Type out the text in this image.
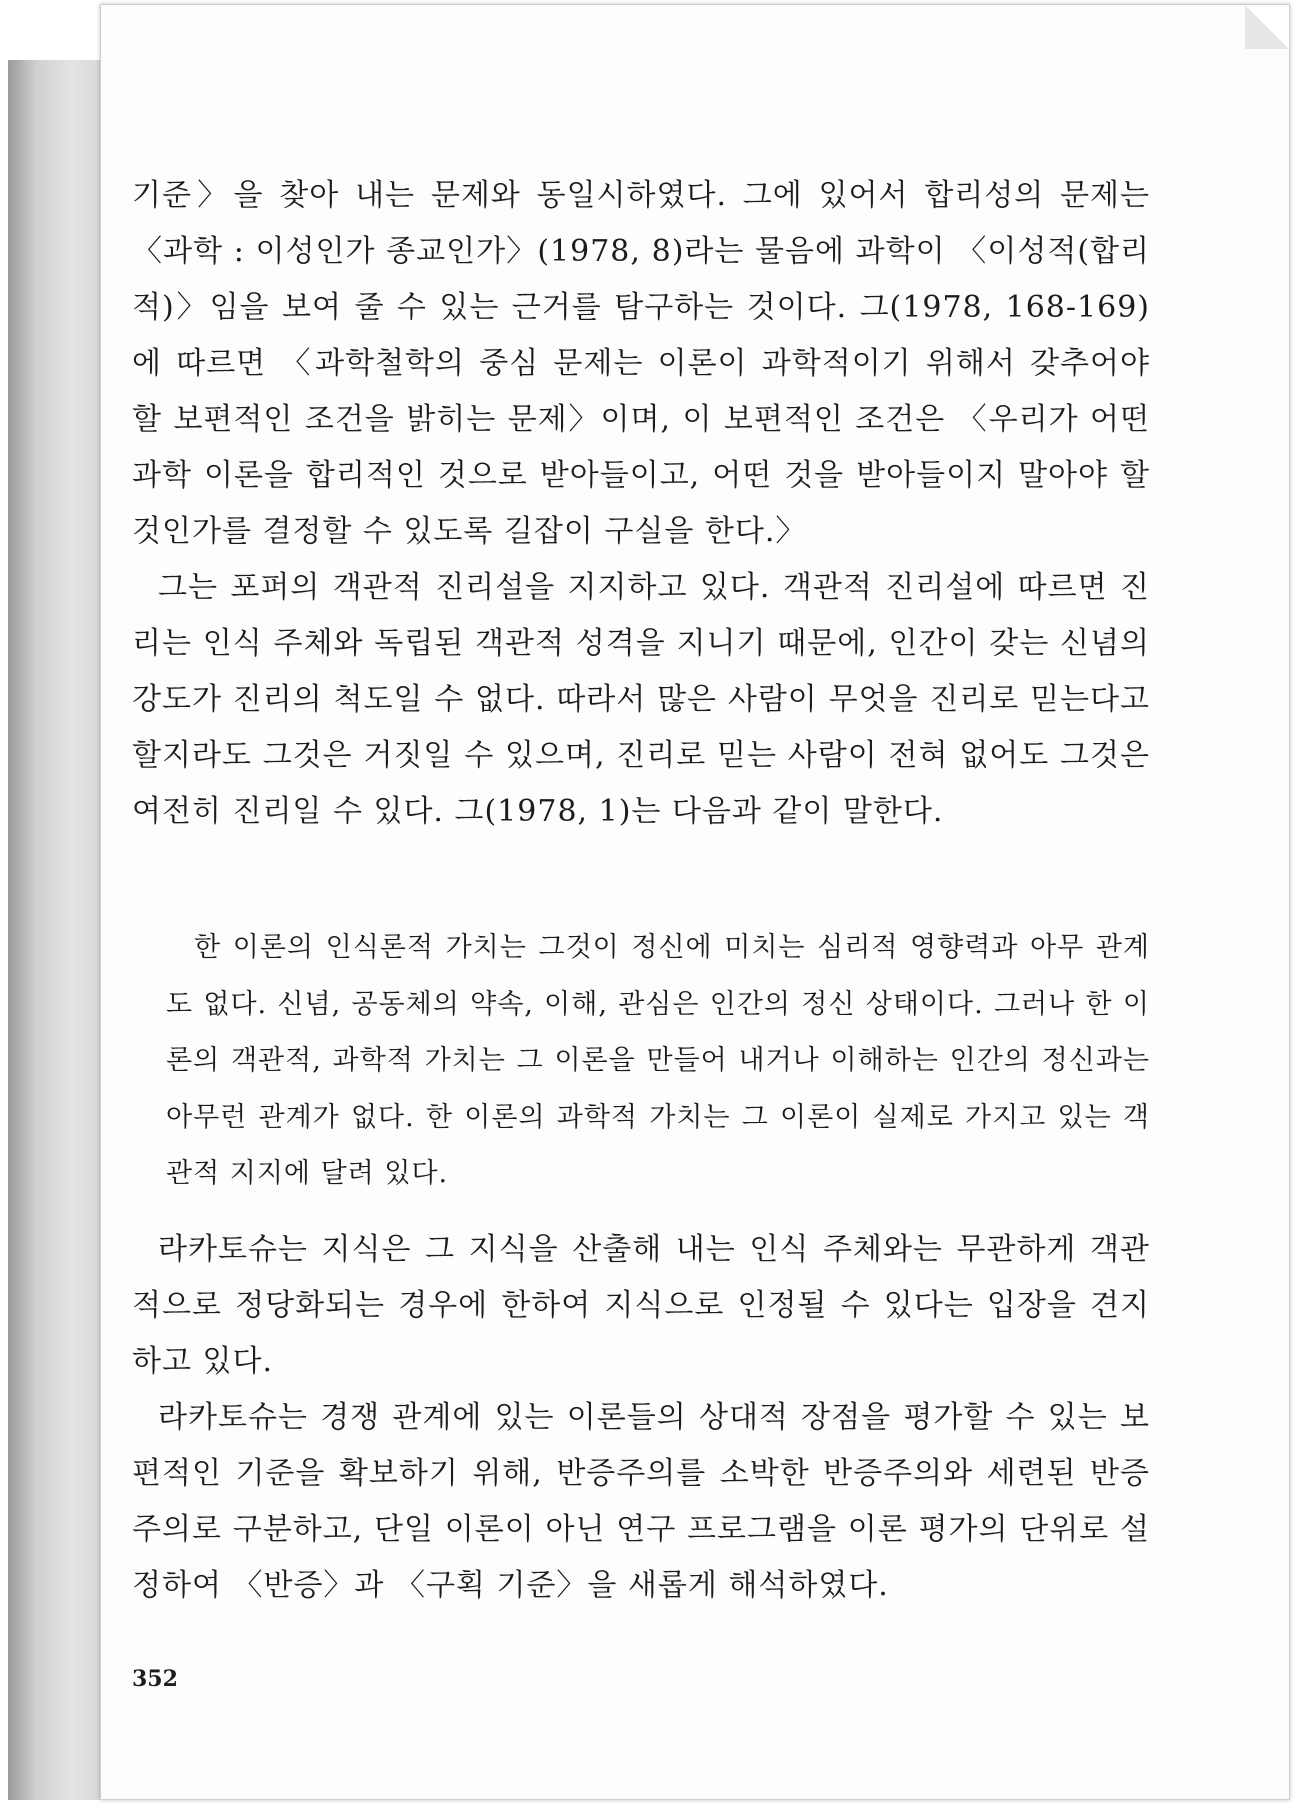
기준〉을 찾아 내는 문제와 동일시하였다. 그에 있어서 합리성의 문제는 〈과학 : 이성인가 종교인가〉(1978, 8)라는 물음에 과학이 〈이성적(합리적)〉임을 보여 줄 수 있는 근거를 탐구하는 것이다. 그(1978, 168-169)에 따르면 〈과학철학의 중심 문제는 이론이 과학적이기 위해서 갖추어야 할 보편적인 조건을 밝히는 문제〉이며, 이 보편적인 조건은 〈우리가 어떤 과학 이론을 합리적인 것으로 받아들이고, 어떤 것을 받아들이지 말아야 할 것인가를 결정할 수 있도록 길잡이 구실을 한다.〉

그는 포퍼의 객관적 진리설을 지지하고 있다. 객관적 진리설에 따르면 진리는 인식 주체와 독립된 객관적 성격을 지니기 때문에, 인간이 갖는 신념의 강도가 진리의 척도일 수 없다. 따라서 많은 사람이 무엇을 진리로 믿는다고 할지라도 그것은 거짓일 수 있으며, 진리로 믿는 사람이 전혀 없어도 그것은 여전히 진리일 수 있다. 그(1978, 1)는 다음과 같이 말한다.

한 이론의 인식론적 가치는 그것이 정신에 미치는 심리적 영향력과 아무 관계도 없다. 신념, 공동체의 약속, 이해, 관심은 인간의 정신 상태이다. 그러나 한 이론의 객관적, 과학적 가치는 그 이론을 만들어 내거나 이해하는 인간의 정신과는 아무런 관계가 없다. 한 이론의 과학적 가치는 그 이론이 실제로 가지고 있는 객관적 지지에 달려 있다.

라카토슈는 지식은 그 지식을 산출해 내는 인식 주체와는 무관하게 객관적으로 정당화되는 경우에 한하여 지식으로 인정될 수 있다는 입장을 견지하고 있다.

라카토슈는 경쟁 관계에 있는 이론들의 상대적 장점을 평가할 수 있는 보편적인 기준을 확보하기 위해, 반증주의를 소박한 반증주의와 세련된 반증주의로 구분하고, 단일 이론이 아닌 연구 프로그램을 이론 평가의 단위로 설정하여 〈반증〉과 〈구획 기준〉을 새롭게 해석하였다.

352
